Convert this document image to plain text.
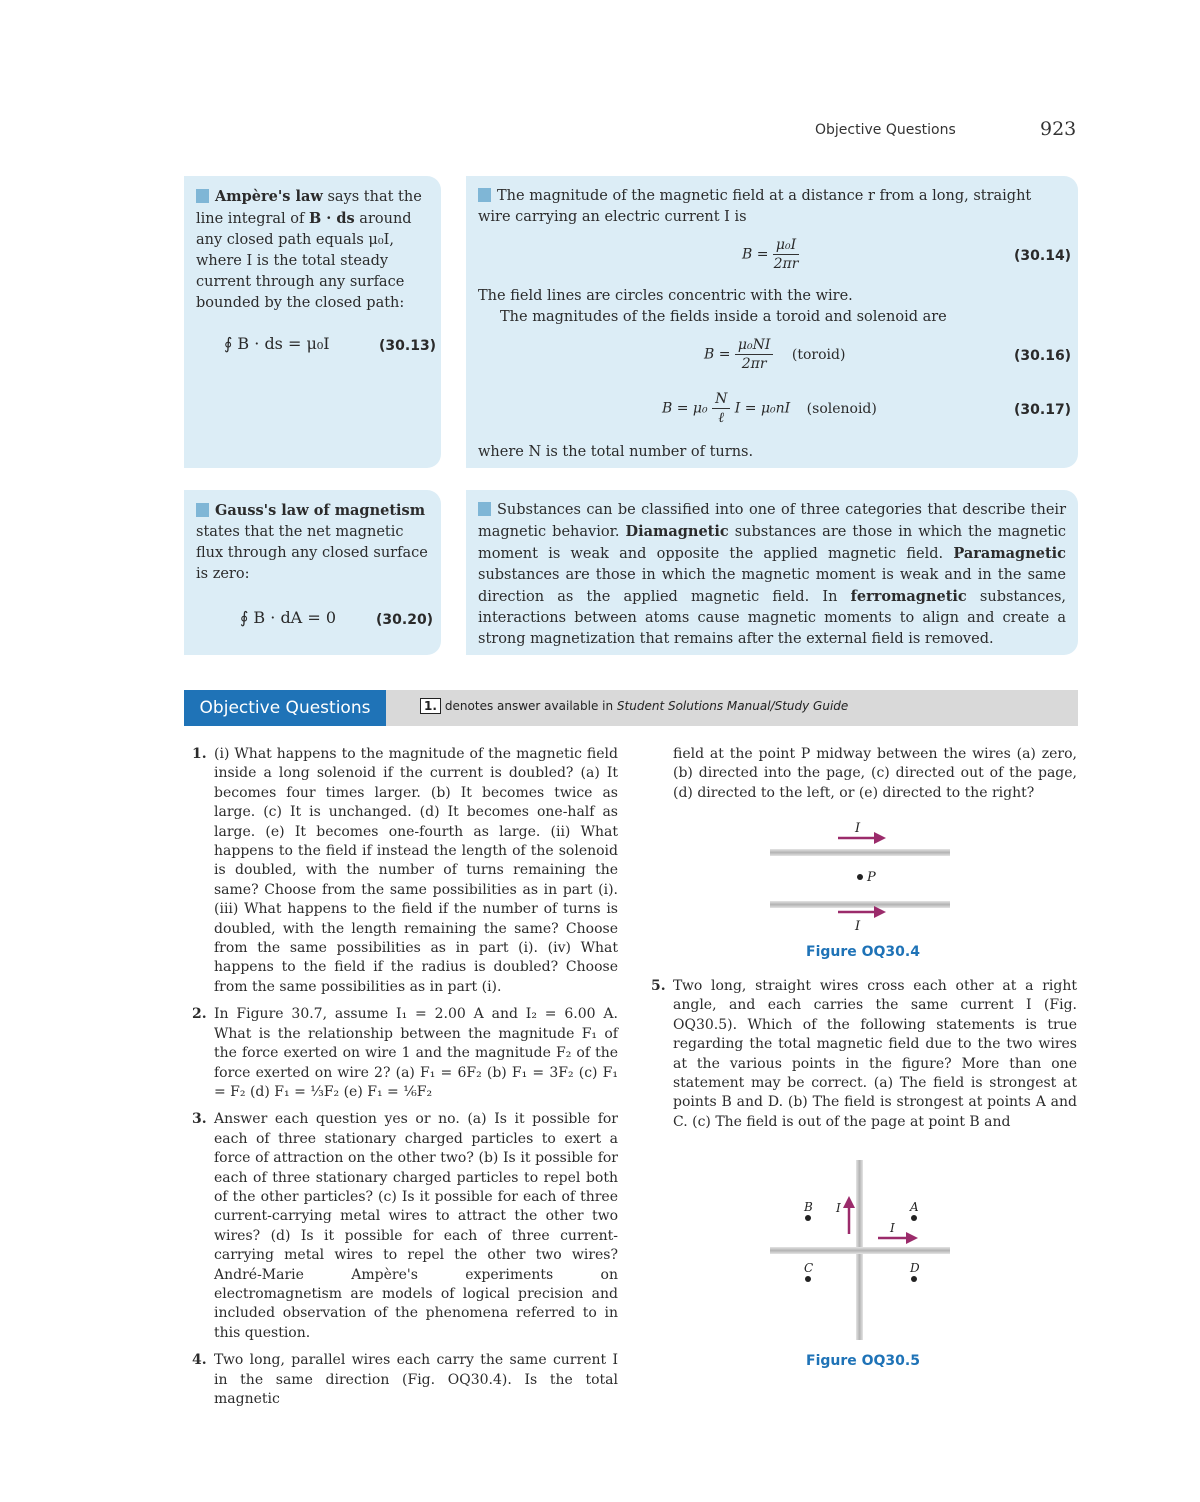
Objective Questions	923
Ampère's law says that the line integral of B · ds around any closed path equals μ₀I, where I is the total steady current through any surface bounded by the closed path:
∮ B · ds = μ₀I	(30.13)
The magnitude of the magnetic field at a distance r from a long, straight wire carrying an electric current I is
$B = \frac{\text{μ₀I}}{2\pi r}$	(30.14)
The field lines are circles concentric with the wire.
The magnitudes of the fields inside a toroid and solenoid are
$B = \frac{\text{μ₀NI}}{2\pi r}$ (toroid)	(30.16)
$B = \mu_0 \frac{N}{\text{ℓ}}$ I = μ₀nI (solenoid)	(30.17)
where N is the total number of turns.
Gauss's law of magnetism states that the net magnetic flux through any closed surface is zero:
∮ B · dA = 0	(30.20)
Substances can be classified into one of three categories that describe their magnetic behavior. Diamagnetic substances are those in which the magnetic moment is weak and opposite the applied magnetic field. Paramagnetic substances are those in which the magnetic moment is weak and in the same direction as the applied magnetic field. In ferromagnetic substances, interactions between atoms cause magnetic moments to align and create a strong magnetization that remains after the external field is removed.
Objective Questions	1. denotes answer available in Student Solutions Manual/Study Guide
1. (i) What happens to the magnitude of the magnetic field inside a long solenoid if the current is doubled? (a) It becomes four times larger. (b) It becomes twice as large. (c) It is unchanged. (d) It becomes one-half as large. (e) It becomes one-fourth as large. (ii) What happens to the field if instead the length of the solenoid is doubled, with the number of turns remaining the same? Choose from the same possibilities as in part (i). (iii) What happens to the field if the number of turns is doubled, with the length remaining the same? Choose from the same possibilities as in part (i). (iv) What happens to the field if the radius is doubled? Choose from the same possibilities as in part (i).
2. In Figure 30.7, assume I₁ = 2.00 A and I₂ = 6.00 A. What is the relationship between the magnitude F₁ of the force exerted on wire 1 and the magnitude F₂ of the force exerted on wire 2? (a) F₁ = 6F₂ (b) F₁ = 3F₂ (c) F₁ = F₂ (d) F₁ = ⅓F₂ (e) F₁ = ⅙F₂
3. Answer each question yes or no. (a) Is it possible for each of three stationary charged particles to exert a force of attraction on the other two? (b) Is it possible for each of three stationary charged particles to repel both of the other particles? (c) Is it possible for each of three current-carrying metal wires to attract the other two wires? (d) Is it possible for each of three current-carrying metal wires to repel the other two wires? André-Marie Ampère's experiments on electromagnetism are models of logical precision and included observation of the phenomena referred to in this question.
4. Two long, parallel wires each carry the same current I in the same direction (Fig. OQ30.4). Is the total magnetic
field at the point P midway between the wires (a) zero, (b) directed into the page, (c) directed out of the page, (d) directed to the left, or (e) directed to the right?
I
I
P
Figure OQ30.4
5. Two long, straight wires cross each other at a right angle, and each carries the same current I (Fig. OQ30.5). Which of the following statements is true regarding the total magnetic field due to the two wires at the various points in the figure? More than one statement may be correct. (a) The field is strongest at points B and D. (b) The field is strongest at points A and C. (c) The field is out of the page at point B and
B	A
C	D
I
I
Figure OQ30.5
